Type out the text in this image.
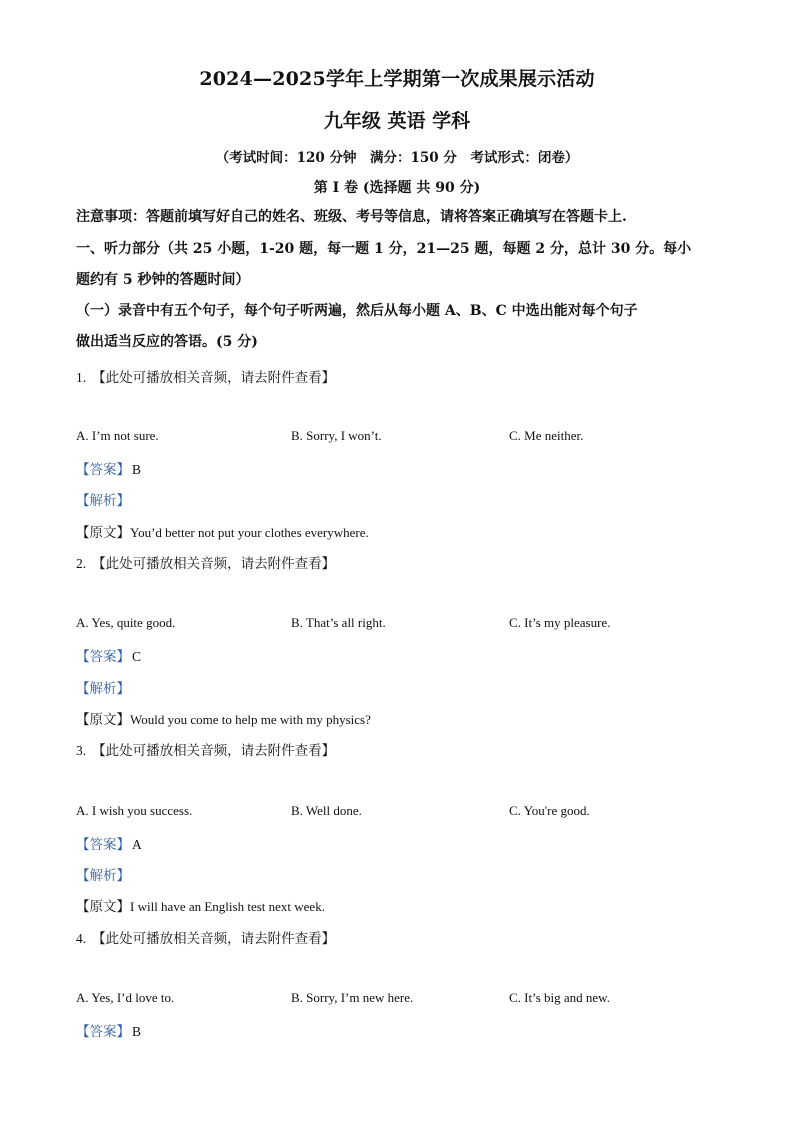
2024—2025学年上学期第一次成果展示活动
九年级 英语 学科
（考试时间：120 分钟　满分：150 分　考试形式：闭卷）
第 I 卷 (选择题 共 90 分)
注意事项：答题前填写好自己的姓名、班级、考号等信息，请将答案正确填写在答题卡上.
一、听力部分（共 25 小题，1-20 题，每一题 1 分，21—25 题，每题 2 分，总计 30 分。每小
题约有 5 秒钟的答题时间）
（一）录音中有五个句子，每个句子听两遍，然后从每小题 A、B、C 中选出能对每个句子
做出适当反应的答语。(5 分)
1. 【此处可播放相关音频，请去附件查看】
A. I’m not sure.	B. Sorry, I won’t.	C. Me neither.
【答案】 B
【解析】
【原文】You’d better not put your clothes everywhere.
2. 【此处可播放相关音频，请去附件查看】
A. Yes, quite good.	B. That’s all right.	C. It’s my pleasure.
【答案】 C
【解析】
【原文】Would you come to help me with my physics?
3. 【此处可播放相关音频，请去附件查看】
A. I wish you success.	B. Well done.	C. You're good.
【答案】 A
【解析】
【原文】I will have an English test next week.
4. 【此处可播放相关音频，请去附件查看】
A. Yes, I’d love to.	B. Sorry, I’m new here.	C. It’s big and new.
【答案】 B
